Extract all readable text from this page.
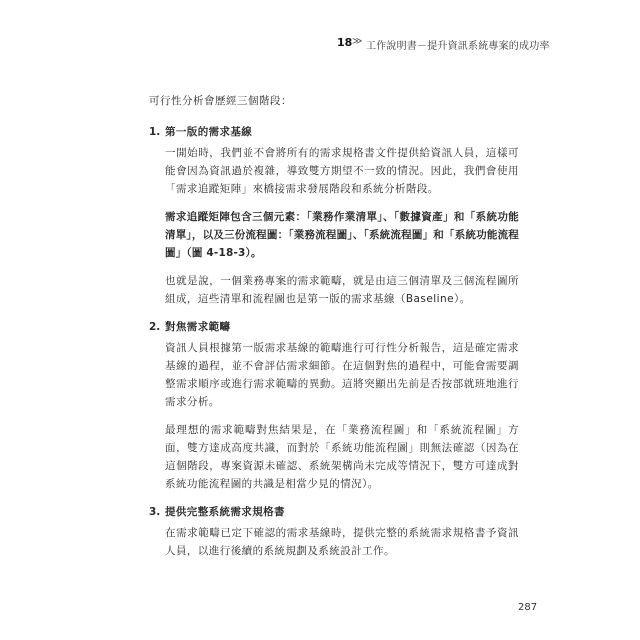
18 ≫ 工作說明書－提升資訊系統專案的成功率

可行性分析會歷經三個階段：

1. 第一版的需求基線

一開始時，我們並不會將所有的需求規格書文件提供給資訊人員，這樣可能會因為資訊過於複雜，導致雙方期望不一致的情況。因此，我們會使用「需求追蹤矩陣」來橋接需求發展階段和系統分析階段。

需求追蹤矩陣包含三個元素：「業務作業清單」、「數據資產」和「系統功能清單」，以及三份流程圖：「業務流程圖」、「系統流程圖」和「系統功能流程圖」（圖 4-18-3）。

也就是說，一個業務專案的需求範疇，就是由這三個清單及三個流程圖所組成，這些清單和流程圖也是第一版的需求基線（Baseline）。

2. 對焦需求範疇

資訊人員根據第一版需求基線的範疇進行可行性分析報告，這是確定需求基線的過程，並不會評估需求細節。在這個對焦的過程中，可能會需要調整需求順序或進行需求範疇的異動。這將突顯出先前是否按部就班地進行需求分析。

最理想的需求範疇對焦結果是，在「業務流程圖」和「系統流程圖」方面，雙方達成高度共識，而對於「系統功能流程圖」則無法確認（因為在這個階段，專案資源未確認、系統架構尚未完成等情況下，雙方可達成對系統功能流程圖的共識是相當少見的情況）。

3. 提供完整系統需求規格書

在需求範疇已定下確認的需求基線時，提供完整的系統需求規格書予資訊人員，以進行後續的系統規劃及系統設計工作。

287
